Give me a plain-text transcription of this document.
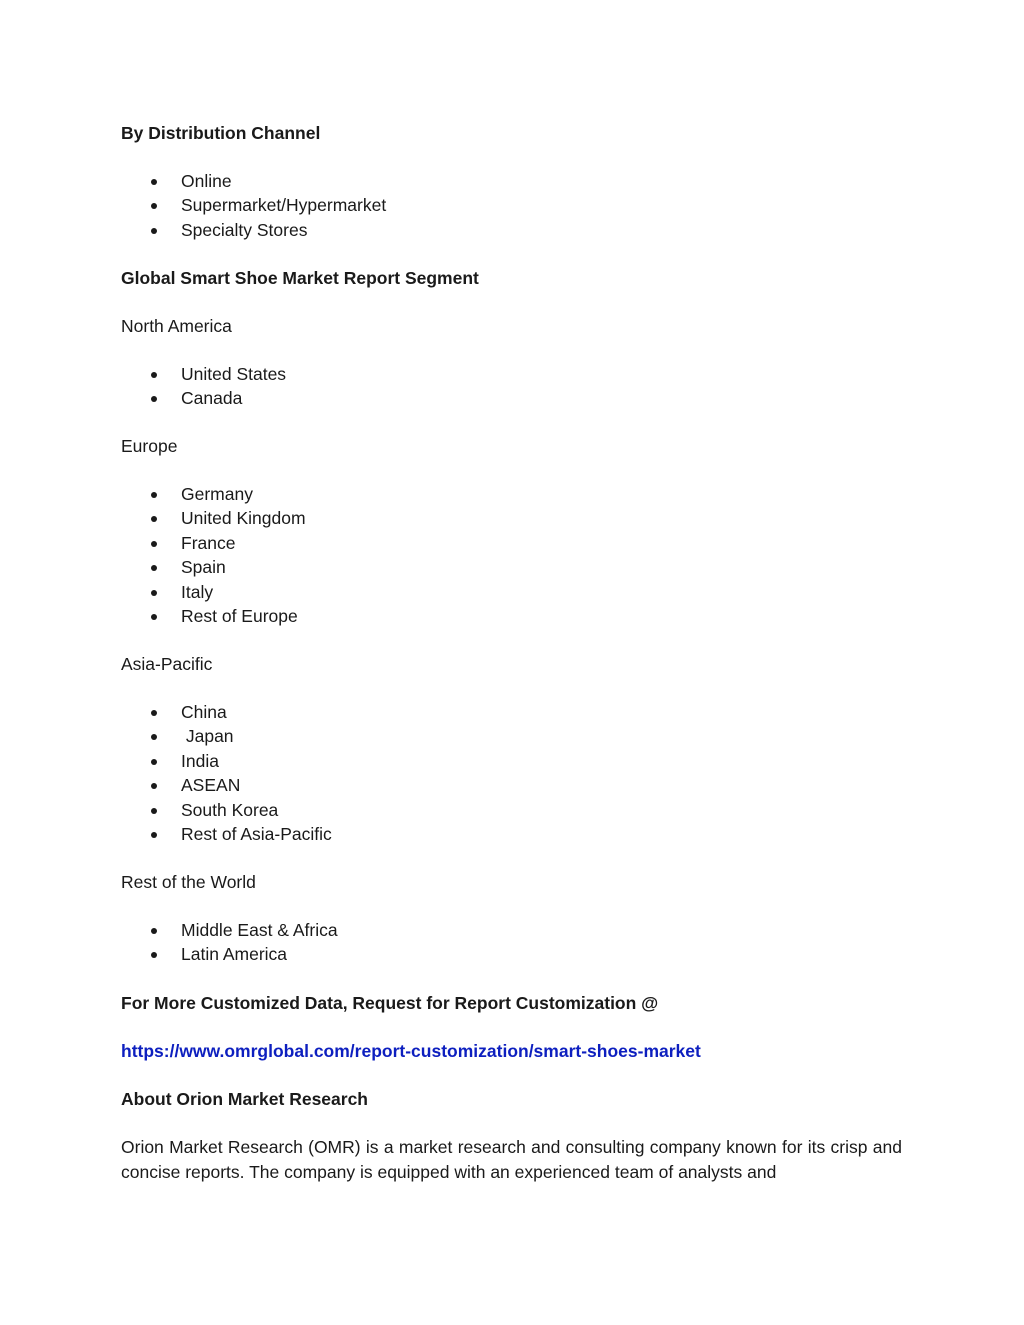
By Distribution Channel

Online
Supermarket/Hypermarket
Specialty Stores

Global Smart Shoe Market Report Segment

North America

United States
Canada

Europe

Germany
United Kingdom
France
Spain
Italy
Rest of Europe

Asia-Pacific

China
Japan
India
ASEAN
South Korea
Rest of Asia-Pacific

Rest of the World

Middle East & Africa
Latin America

For More Customized Data, Request for Report Customization @

https://www.omrglobal.com/report-customization/smart-shoes-market

About Orion Market Research

Orion Market Research (OMR) is a market research and consulting company known for its crisp and concise reports. The company is equipped with an experienced team of analysts and
